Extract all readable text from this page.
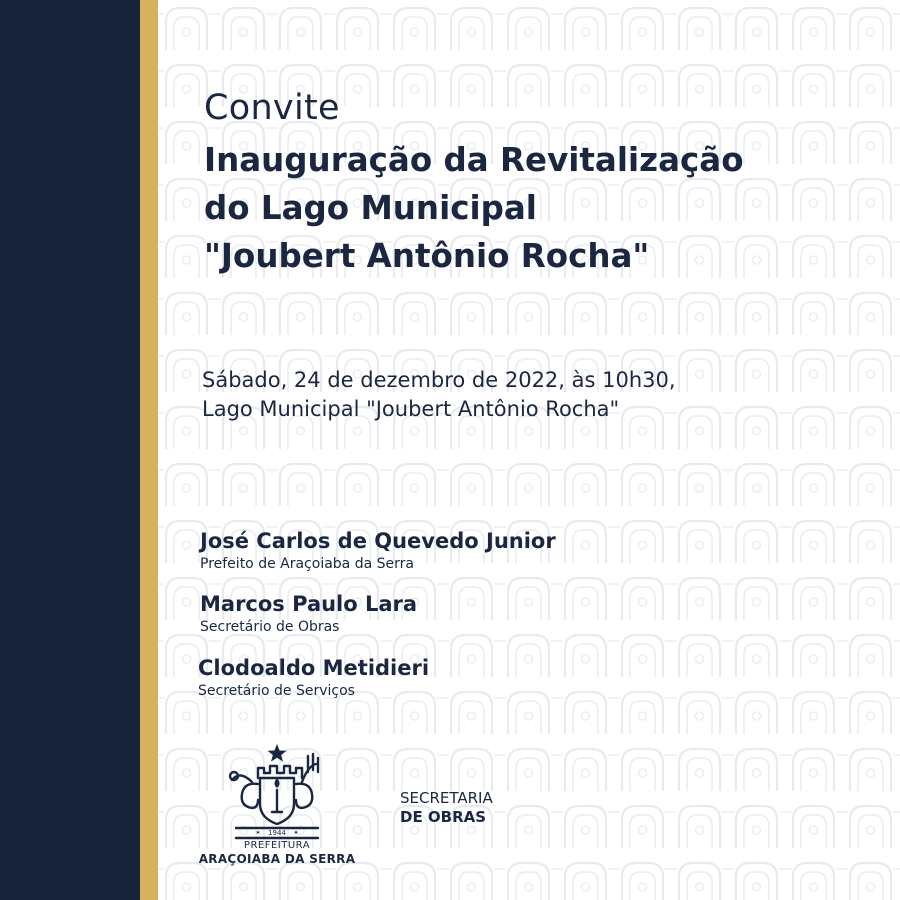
Convite
Inauguração da Revitalização
do Lago Municipal
"Joubert Antônio Rocha"
Sábado, 24 de dezembro de 2022, às 10h30,
Lago Municipal "Joubert Antônio Rocha"
José Carlos de Quevedo Junior
Prefeito de Araçoiaba da Serra
Marcos Paulo Lara
Secretário de Obras
Clodoaldo Metidieri
Secretário de Serviços
1944
PREFEITURA
ARAÇOIABA DA SERRA
SECRETARIA
DE OBRAS
